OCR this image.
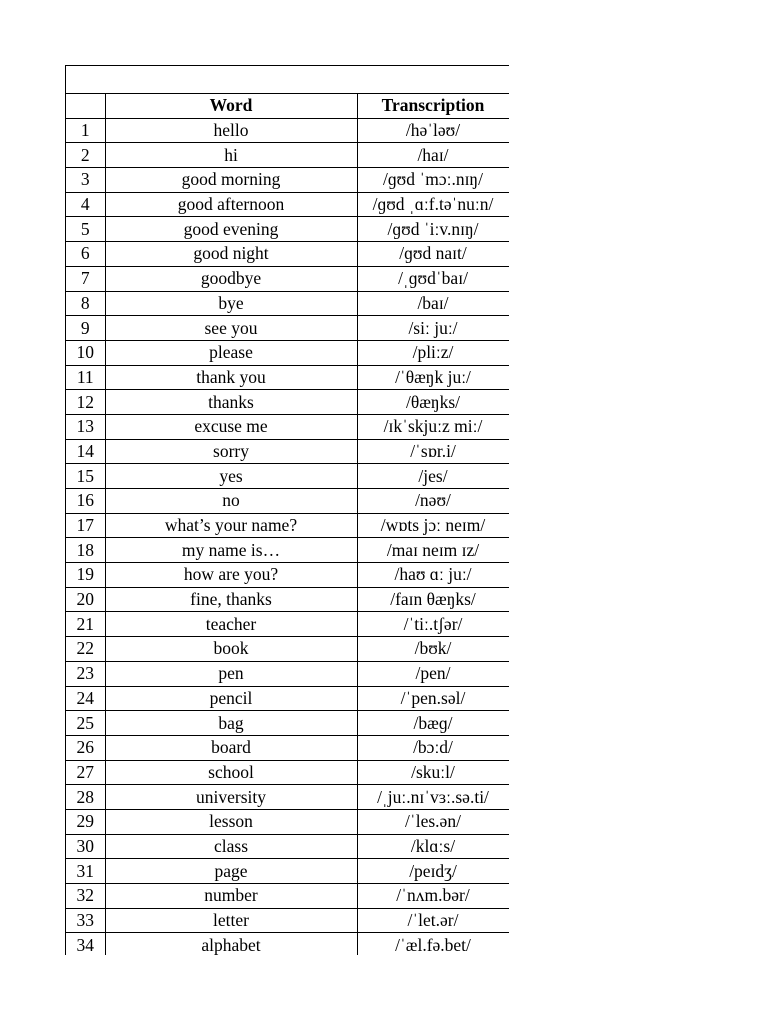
	Word	Transcription
1	hello	/həˈləʊ/
2	hi	/haɪ/
3	good morning	/ɡʊd ˈmɔː.nɪŋ/
4	good afternoon	/ɡʊd ˌɑːf.təˈnuːn/
5	good evening	/ɡʊd ˈiːv.nɪŋ/
6	good night	/ɡʊd naɪt/
7	goodbye	/ˌɡʊdˈbaɪ/
8	bye	/baɪ/
9	see you	/siː juː/
10	please	/pliːz/
11	thank you	/ˈθæŋk juː/
12	thanks	/θæŋks/
13	excuse me	/ɪkˈskjuːz miː/
14	sorry	/ˈsɒr.i/
15	yes	/jes/
16	no	/nəʊ/
17	what’s your name?	/wɒts jɔː neɪm/
18	my name is…	/maɪ neɪm ɪz/
19	how are you?	/haʊ ɑː juː/
20	fine, thanks	/faɪn θæŋks/
21	teacher	/ˈtiː.tʃər/
22	book	/bʊk/
23	pen	/pen/
24	pencil	/ˈpen.səl/
25	bag	/bæɡ/
26	board	/bɔːd/
27	school	/skuːl/
28	university	/ˌjuː.nɪˈvɜː.sə.ti/
29	lesson	/ˈles.ən/
30	class	/klɑːs/
31	page	/peɪdʒ/
32	number	/ˈnʌm.bər/
33	letter	/ˈlet.ər/
34	alphabet	/ˈæl.fə.bet/
